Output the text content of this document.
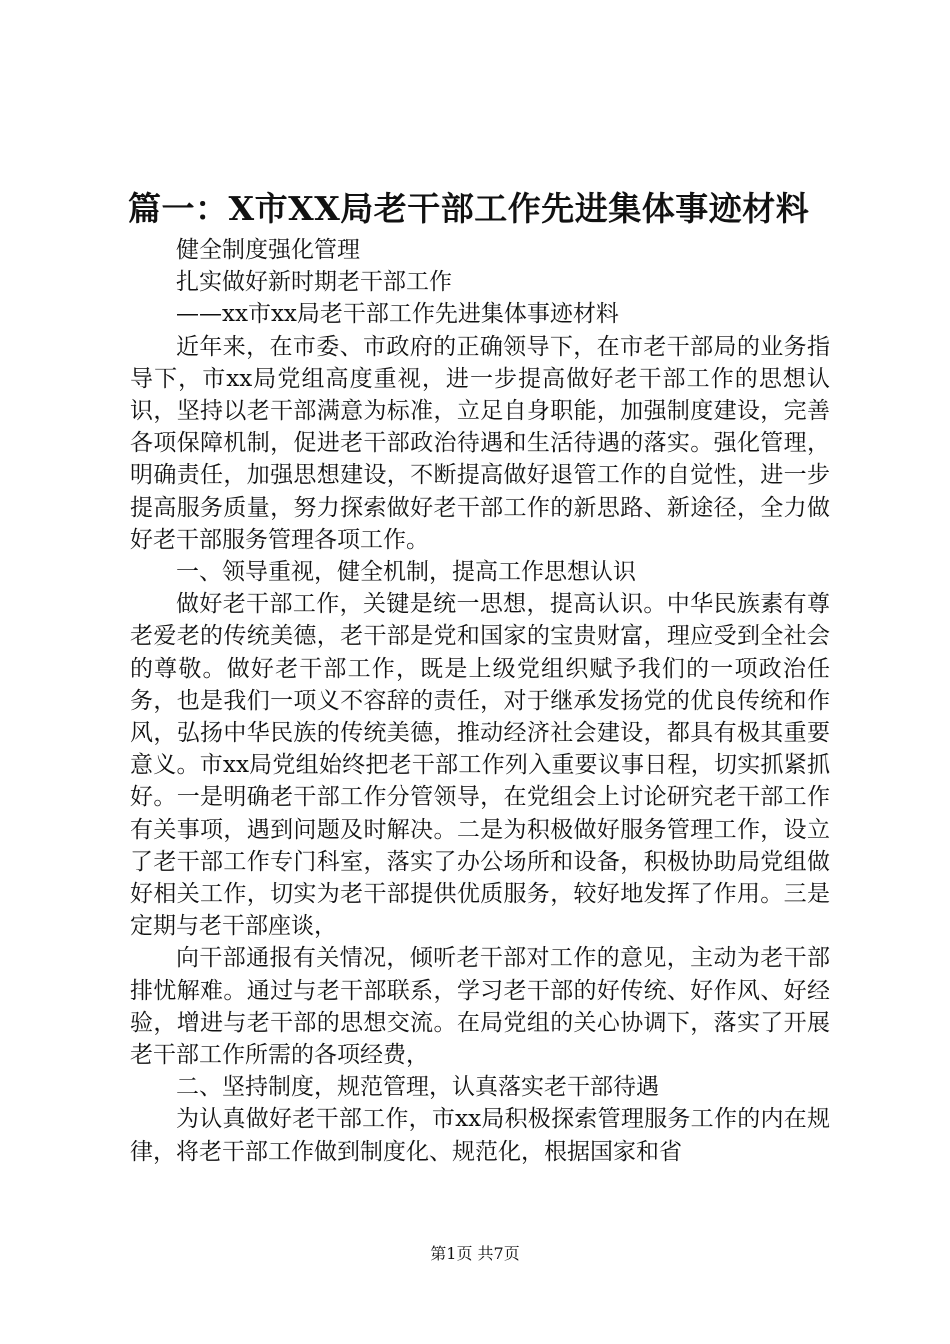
篇一：X市XX局老干部工作先进集体事迹材料

健全制度强化管理

扎实做好新时期老干部工作

——xx市xx局老干部工作先进集体事迹材料

近年来，在市委、市政府的正确领导下，在市老干部局的业务指导下，市xx局党组高度重视，进一步提高做好老干部工作的思想认识，坚持以老干部满意为标准，立足自身职能，加强制度建设，完善各项保障机制，促进老干部政治待遇和生活待遇的落实。强化管理，明确责任，加强思想建设，不断提高做好退管工作的自觉性，进一步提高服务质量，努力探索做好老干部工作的新思路、新途径，全力做好老干部服务管理各项工作。

一、领导重视，健全机制，提高工作思想认识

做好老干部工作，关键是统一思想，提高认识。中华民族素有尊老爱老的传统美德，老干部是党和国家的宝贵财富，理应受到全社会的尊敬。做好老干部工作，既是上级党组织赋予我们的一项政治任务，也是我们一项义不容辞的责任，对于继承发扬党的优良传统和作风，弘扬中华民族的传统美德，推动经济社会建设，都具有极其重要意义。市xx局党组始终把老干部工作列入重要议事日程，切实抓紧抓好。一是明确老干部工作分管领导，在党组会上讨论研究老干部工作有关事项，遇到问题及时解决。二是为积极做好服务管理工作，设立了老干部工作专门科室，落实了办公场所和设备，积极协助局党组做好相关工作，切实为老干部提供优质服务，较好地发挥了作用。三是定期与老干部座谈，

向干部通报有关情况，倾听老干部对工作的意见，主动为老干部排忧解难。通过与老干部联系，学习老干部的好传统、好作风、好经验，增进与老干部的思想交流。在局党组的关心协调下，落实了开展老干部工作所需的各项经费，

二、坚持制度，规范管理，认真落实老干部待遇

为认真做好老干部工作，市xx局积极探索管理服务工作的内在规律，将老干部工作做到制度化、规范化，根据国家和省

第1页 共7页
